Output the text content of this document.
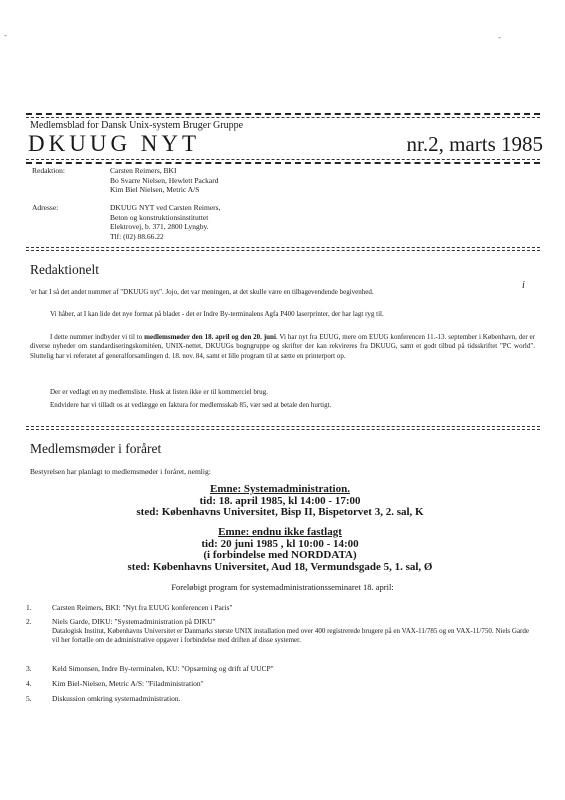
-	-
Medlemsblad for Dansk Unix-system Bruger Gruppe
DKUUG NYT	nr.2, marts 1985
Redaktion:	Carsten Reimers, BKI
Bo Svarre Nielsen, Hewlett Packard
Kim Biel Nielsen, Metric A/S
Adresse:	DKUUG NYT ved Carsten Reimers,
Beton og konstruktionsinstituttet
Elektrovej, b. 371, 2800 Lyngby.
Tlf: (02) 88.66.22
Redaktionelt
'er har I så det andet nummer af "DKUUG nyt". Jojo, det var meningen, at det skulle være en tilbagevendende begivenhed.
Vi håber, at I kan lide det nye format på bladet - det er Indre By-terminalens Agfa P400 laserprinter, der har lagt ryg til.
I dette nummer indbyder vi til to medlemsmøder den 18. april og den 20. juni. Vi har nyt fra EUUG, mere om EUUG konferencen 11.-13. september i København, der er diverse nyheder om standardiseringskomitéen, UNIX-nettet, DKUUGs bogngruppe og skrifter der kan rekvireres fra DKUUG, samt et godt tilbud på tidsskriftet "PC world". Sluttelig har vi referatet af generalforsamlingen d. 18. nov. 84, samt et lille program til at sætte en printerport op.
Der er vedlagt en ny medlemsliste. Husk at listen ikke er til kommerciel brug.
Endvidere har vi tilladt os at vedlægge en faktura for medlemsskab 85, vær sød at betale den hurtigt.
i
Medlemsmøder i foråret
Bestyrelsen har planlagt to medlemsmøder i foråret, nemlig:
Emne: Systemadministration.
tid: 18. april 1985, kl 14:00 - 17:00
sted: Københavns Universitet, Bisp II, Bispetorvet 3, 2. sal, K
Emne: endnu ikke fastlagt
tid: 20 juni 1985 , kl 10:00 - 14:00
(i forbindelse med NORDDATA)
sted: Københavns Universitet, Aud 18, Vermundsgade 5, 1. sal, Ø
Foreløbigt program for systemadministrationsseminaret 18. april:
1.	Carsten Reimers, BKI: "Nyt fra EUUG konferencen i Paris"
2.	Niels Garde, DIKU: "Systemadministration på DIKU"
Datalogisk Institut, Københavns Universitet er Danmarks største UNIX installation med over 400 registrerede brugere på en VAX-11/785 og en VAX-11/750. Niels Garde vil her fortælle om de administrative opgaver i forbindelse med driften af disse systemer.
3.	Keld Simonsen, Indre By-terminalen, KU: "Opsætning og drift af UUCP"
4.	Kim Biel-Nielsen, Metric A/S: "Filadministration"
5.	Diskussion omkring systemadministration.
